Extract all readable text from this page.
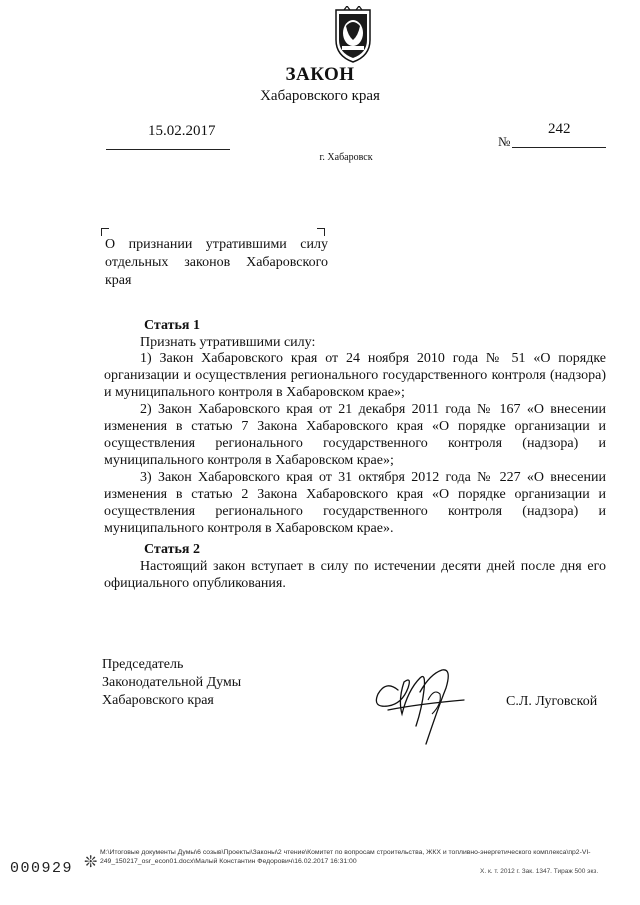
ЗАКОН
Хабаровского края
15.02.2017
№
242
г. Хабаровск
О признании утратившими силу отдельных законов Хабаровского края
Статья 1

Признать утратившими силу:

1) Закон Хабаровского края от 24 ноября 2010 года № 51 «О порядке организации и осуществления регионального государственного контроля (надзора) и муниципального контроля в Хабаровском крае»;

2) Закон Хабаровского края от 21 декабря 2011 года № 167 «О внесении изменения в статью 7 Закона Хабаровского края «О порядке организации и осуществления регионального государственного контроля (надзора) и муниципального контроля в Хабаровском крае»;

3) Закон Хабаровского края от 31 октября 2012 года № 227 «О внесении изменения в статью 2 Закона Хабаровского края «О порядке организации и осуществления регионального государственного контроля (надзора) и муниципального контроля в Хабаровском крае».

Статья 2

Настоящий закон вступает в силу по истечении десяти дней после дня его официального опубликования.

Председатель
Законодательной Думы
Хабаровского края	С.Л. Луговской
М:\Итоговые документы Думы\6 созыв\Проекты\Законы\2 чтение\Комитет по вопросам строительства, ЖКХ и топливно-энергетического комплекса\пр2-VI-249_150217_osr_econ01.docx\Малый Константин Федорович\16.02.2017 16:31:00
Х. к. т. 2012 г. Зак. 1347. Тираж 500 экз.
000929 ❊
